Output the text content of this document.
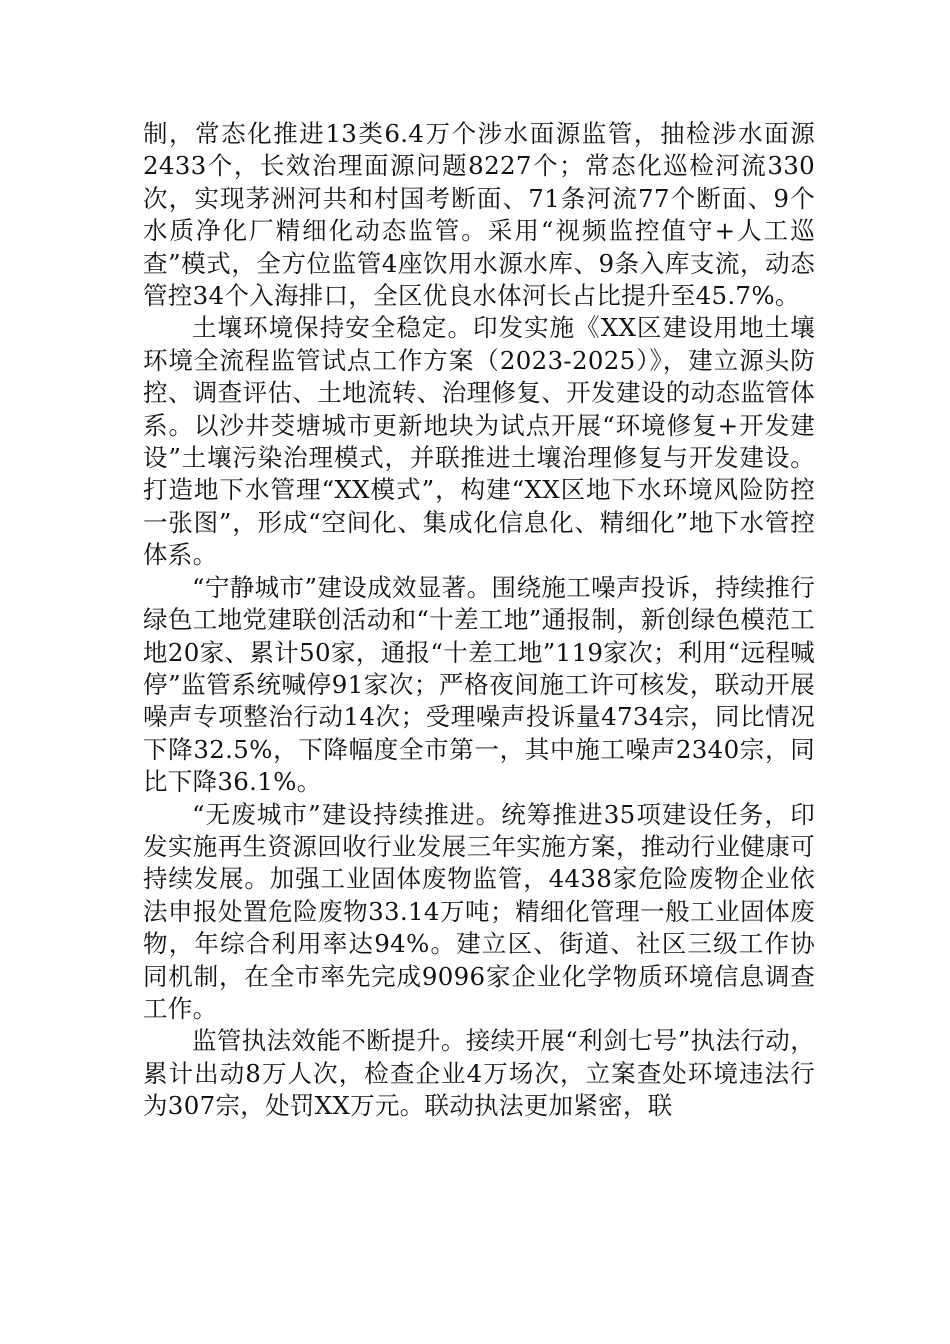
制，常态化推进13类6.4万个涉水面源监管，抽检涉水面源2433个，长效治理面源问题8227个；常态化巡检河流330次，实现茅洲河共和村国考断面、71条河流77个断面、9个水质净化厂精细化动态监管。采用“视频监控值守+人工巡查”模式，全方位监管4座饮用水源水库、9条入库支流，动态管控34个入海排口，全区优良水体河长占比提升至45.7%。

土壤环境保持安全稳定。印发实施《XX区建设用地土壤环境全流程监管试点工作方案（2023-2025）》，建立源头防控、调查评估、土地流转、治理修复、开发建设的动态监管体系。以沙井茭塘城市更新地块为试点开展“环境修复+开发建设”土壤污染治理模式，并联推进土壤治理修复与开发建设。打造地下水管理“XX模式”，构建“XX区地下水环境风险防控一张图”，形成“空间化、集成化信息化、精细化”地下水管控体系。

“宁静城市”建设成效显著。围绕施工噪声投诉，持续推行绿色工地党建联创活动和“十差工地”通报制，新创绿色模范工地20家、累计50家，通报“十差工地”119家次；利用“远程喊停”监管系统喊停91家次；严格夜间施工许可核发，联动开展噪声专项整治行动14次；受理噪声投诉量4734宗，同比情况下降32.5%，下降幅度全市第一，其中施工噪声2340宗，同比下降36.1%。

“无废城市”建设持续推进。统筹推进35项建设任务，印发实施再生资源回收行业发展三年实施方案，推动行业健康可持续发展。加强工业固体废物监管，4438家危险废物企业依法申报处置危险废物33.14万吨；精细化管理一般工业固体废物，年综合利用率达94%。建立区、街道、社区三级工作协同机制，在全市率先完成9096家企业化学物质环境信息调查工作。

监管执法效能不断提升。接续开展“利剑七号”执法行动，累计出动8万人次，检查企业4万场次，立案查处环境违法行为307宗，处罚XX万元。联动执法更加紧密，联
